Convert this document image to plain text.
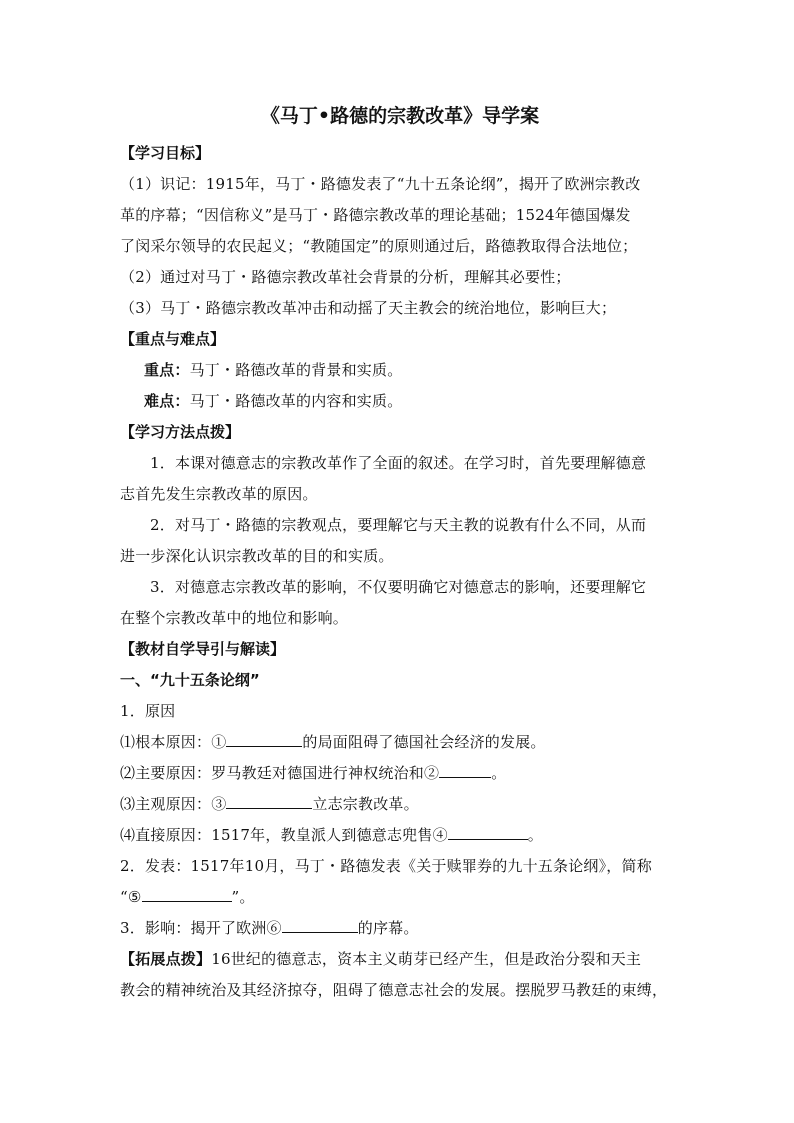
《马丁•路德的宗教改革》导学案
【学习目标】
（1）识记：1915年，马丁・路德发表了“九十五条论纲”，揭开了欧洲宗教改
革的序幕；“因信称义”是马丁・路德宗教改革的理论基础；1524年德国爆发
了闵采尔领导的农民起义；“教随国定”的原则通过后，路德教取得合法地位；
（2）通过对马丁・路德宗教改革社会背景的分析，理解其必要性；
（3）马丁・路德宗教改革冲击和动摇了天主教会的统治地位，影响巨大；
【重点与难点】
重点：马丁・路德改革的背景和实质。
难点：马丁・路德改革的内容和实质。
【学习方法点拨】
1．本课对德意志的宗教改革作了全面的叙述。在学习时，首先要理解德意
志首先发生宗教改革的原因。
2．对马丁・路德的宗教观点，要理解它与天主教的说教有什么不同，从而
进一步深化认识宗教改革的目的和实质。
3．对德意志宗教改革的影响，不仅要明确它对德意志的影响，还要理解它
在整个宗教改革中的地位和影响。
【教材自学导引与解读】
一、“九十五条论纲”
1．原因
⑴根本原因：①	的局面阻碍了德国社会经济的发展。
⑵主要原因：罗马教廷对德国进行神权统治和②	。
⑶主观原因：③	立志宗教改革。
⑷直接原因：1517年，教皇派人到德意志兜售④	。
2．发表：1517年10月，马丁・路德发表《关于赎罪券的九十五条论纲》，简称
“⑤	”。
3．影响：揭开了欧洲⑥	的序幕。
【拓展点拨】16世纪的德意志，资本主义萌芽已经产生，但是政治分裂和天主
教会的精神统治及其经济掠夺，阻碍了德意志社会的发展。摆脱罗马教廷的束缚，
